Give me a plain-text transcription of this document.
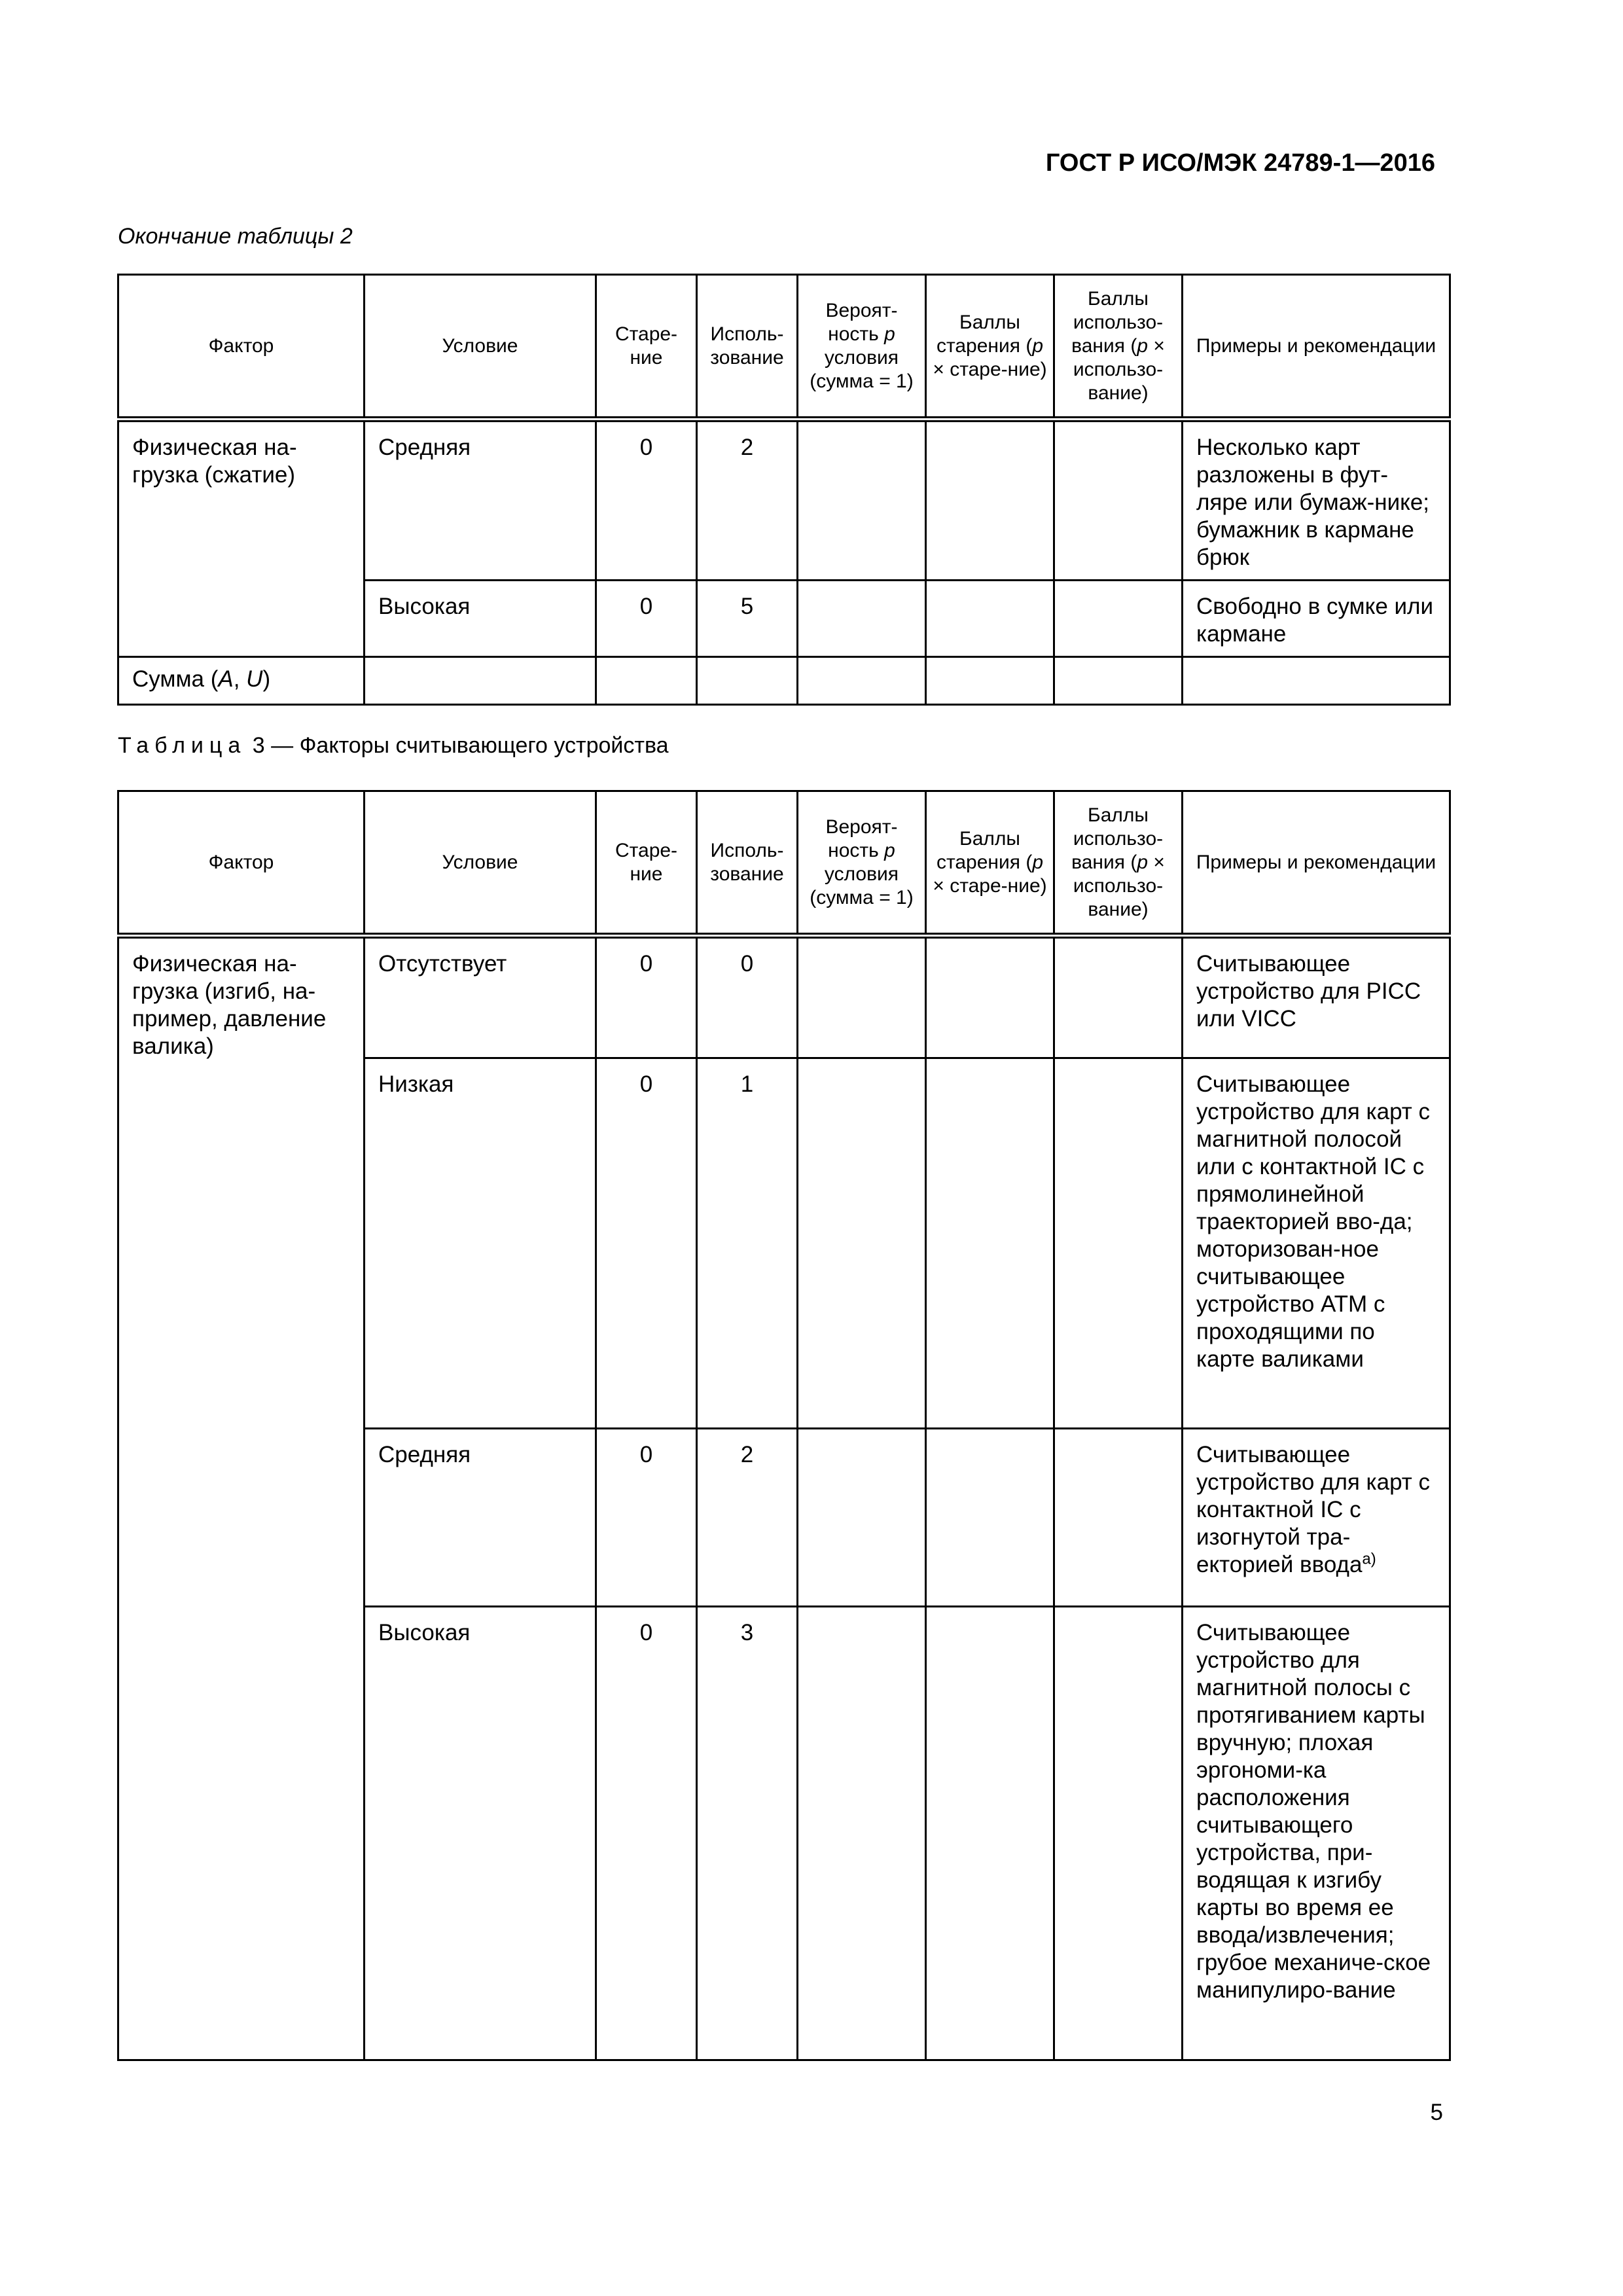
ГОСТ Р ИСО/МЭК 24789-1—2016
Окончание таблицы 2
Фактор	Условие	Старе-ние	Исполь-зование	Вероят-ность p условия (сумма = 1)	Баллы старения (p × старе-ние)	Баллы использо-вания (p × использо-вание)	Примеры и рекомендации
Физическая на-грузка (сжатие)	Средняя	0	2				Несколько карт разложены в фут-ляре или бумаж-нике; бумажник в кармане брюк
	Высокая	0	5				Свободно в сумке или кармане
Сумма (A, U)							
Таблица 3 — Факторы считывающего устройства
Фактор	Условие	Старе-ние	Исполь-зование	Вероят-ность p условия (сумма = 1)	Баллы старения (p × старе-ние)	Баллы использо-вания (p × использо-вание)	Примеры и рекомендации
Физическая на-грузка (изгиб, на-пример, давление валика)	Отсутствует	0	0				Считывающее устройство для PICC или VICC
	Низкая	0	1				Считывающее устройство для карт с магнитной полосой или с контактной IC с прямолинейной траекторией вво-да; моторизован-ное считывающее устройство АТМ с проходящими по карте валиками
	Средняя	0	2				Считывающее устройство для карт с контактной IC с изогнутой тра-екторией ввода$^{а)}$
	Высокая	0	3				Считывающее устройство для магнитной полосы с протягиванием карты вручную; плохая эргономи-ка расположения считывающего устройства, при-водящая к изгибу карты во время ее ввода/извлечения; грубое механиче-ское манипулиро-вание
5
